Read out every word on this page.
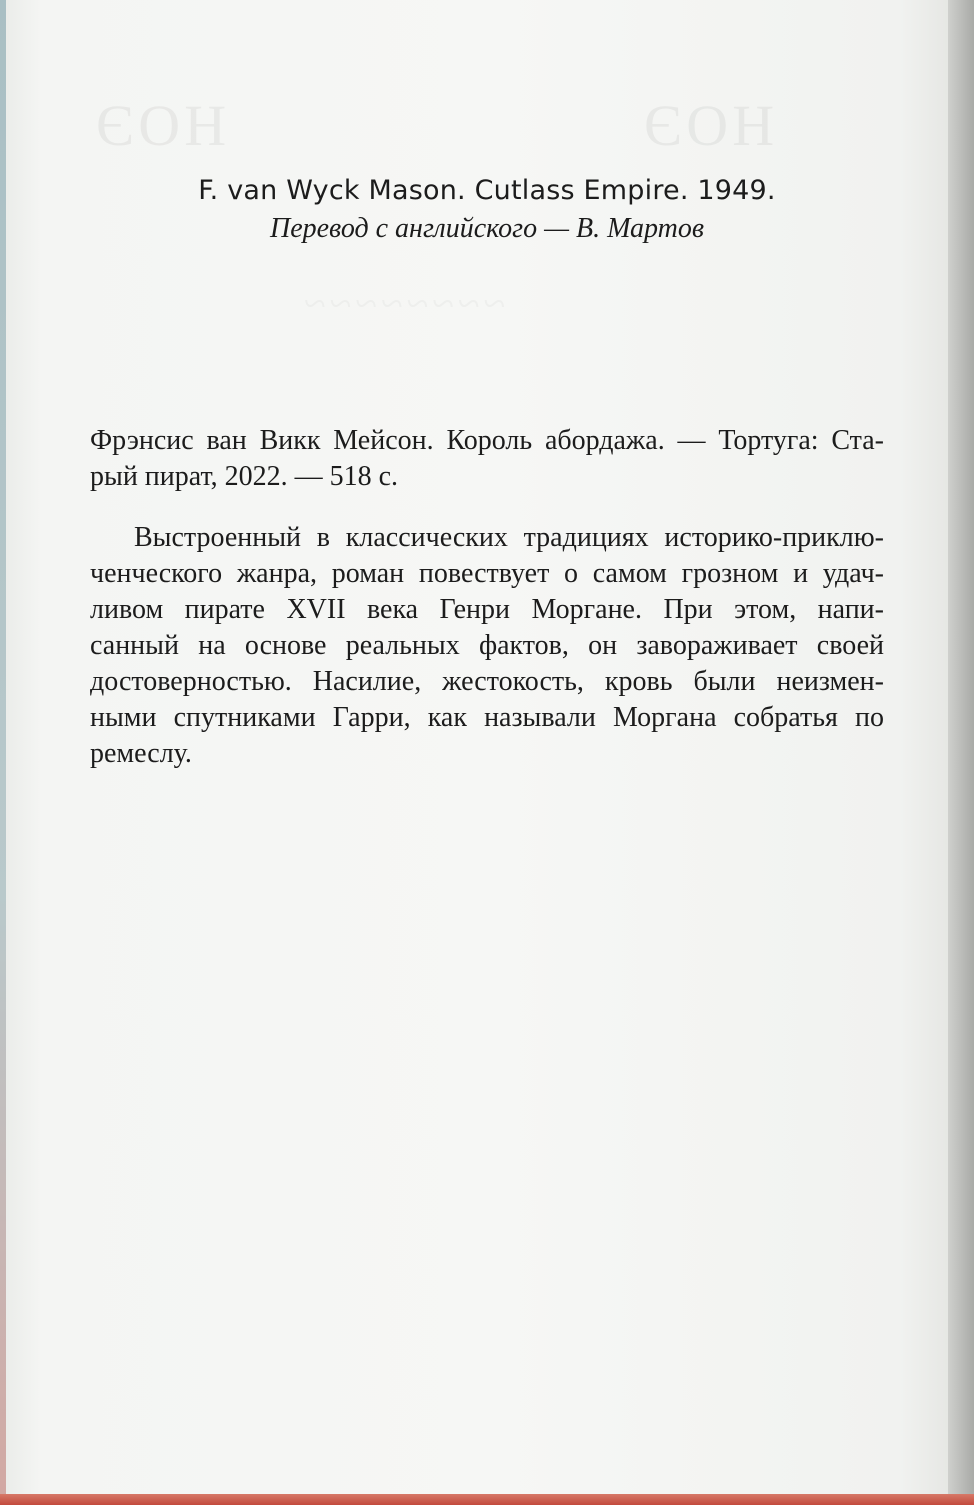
НОЭ	НОЭ
~~~~~~~~
F. van Wyck Mason. Cutlass Empire. 1949.
Перевод с английского — В. Мартов
Фрэнсис ван Викк Мейсон. Король абордажа. — Тортуга: Ста-
рый пират, 2022. — 518 с.
Выстроенный в классических традициях историко-приклю-
ченческого жанра, роман повествует о самом грозном и удач-
ливом пирате XVII века Генри Моргане. При этом, напи-
санный на основе реальных фактов, он завораживает своей
достоверностью. Насилие, жестокость, кровь были неизмен-
ными спутниками Гарри, как называли Моргана собратья по
ремеслу.
